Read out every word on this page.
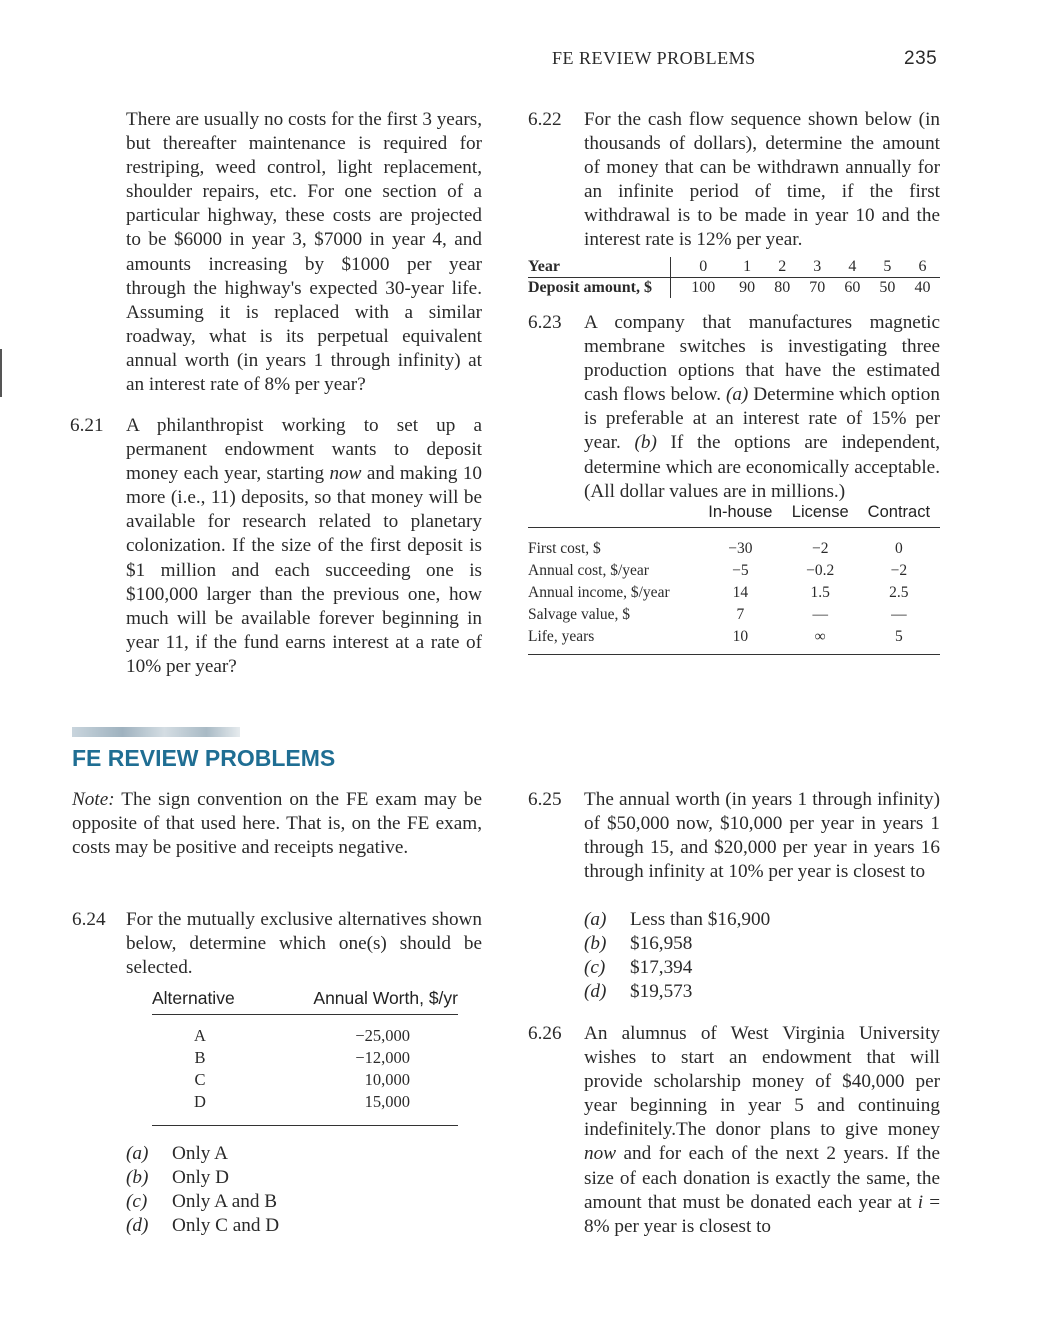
FE REVIEW PROBLEMS	235

There are usually no costs for the first 3 years, but thereafter maintenance is required for restriping, weed control, light replacement, shoulder repairs, etc. For one section of a particular highway, these costs are projected to be $6000 in year 3, $7000 in year 4, and amounts increasing by $1000 per year through the highway's expected 30-year life. Assuming it is replaced with a similar roadway, what is its perpetual equivalent annual worth (in years 1 through infinity) at an interest rate of 8% per year?

6.21 A philanthropist working to set up a permanent endowment wants to deposit money each year, starting now and making 10 more (i.e., 11) deposits, so that money will be available for research related to planetary colonization. If the size of the first deposit is $1 million and each succeeding one is $100,000 larger than the previous one, how much will be available forever beginning in year 11, if the fund earns interest at a rate of 10% per year?

6.22 For the cash flow sequence shown below (in thousands of dollars), determine the amount of money that can be withdrawn annually for an infinite period of time, if the first withdrawal is to be made in year 10 and the interest rate is 12% per year.

Year		0	1	2	3	4	5	6
Deposit amount, $		100	90	80	70	60	50	40
6.23 A company that manufactures magnetic membrane switches is investigating three production options that have the estimated cash flows below. (a) Determine which option is preferable at an interest rate of 15% per year. (b) If the options are independent, determine which are economically acceptable. (All dollar values are in millions.)

	In-house	License	Contract

First cost, $	−30	−2	0
Annual cost, $/year	−5	−0.2	−2
Annual income, $/year	14	1.5	2.5
Salvage value, $	7	—	—
Life, years	10	∞	5
FE REVIEW PROBLEMS

Note: The sign convention on the FE exam may be opposite of that used here. That is, on the FE exam, costs may be positive and receipts negative.

6.24 For the mutually exclusive alternatives shown below, determine which one(s) should be selected.

Alternative	Annual Worth, $/yr

A	−25,000
B	−12,000
C	10,000
D	15,000
(a) Only A
(b) Only D
(c) Only A and B
(d) Only C and D
6.25 The annual worth (in years 1 through infinity) of $50,000 now, $10,000 per year in years 1 through 15, and $20,000 per year in years 16 through infinity at 10% per year is closest to

(a) Less than $16,900
(b) $16,958
(c) $17,394
(d) $19,573
6.26 An alumnus of West Virginia University wishes to start an endowment that will provide scholarship money of $40,000 per year beginning in year 5 and continuing indefinitely.The donor plans to give money now and for each of the next 2 years. If the size of each donation is exactly the same, the amount that must be donated each year at i = 8% per year is closest to
